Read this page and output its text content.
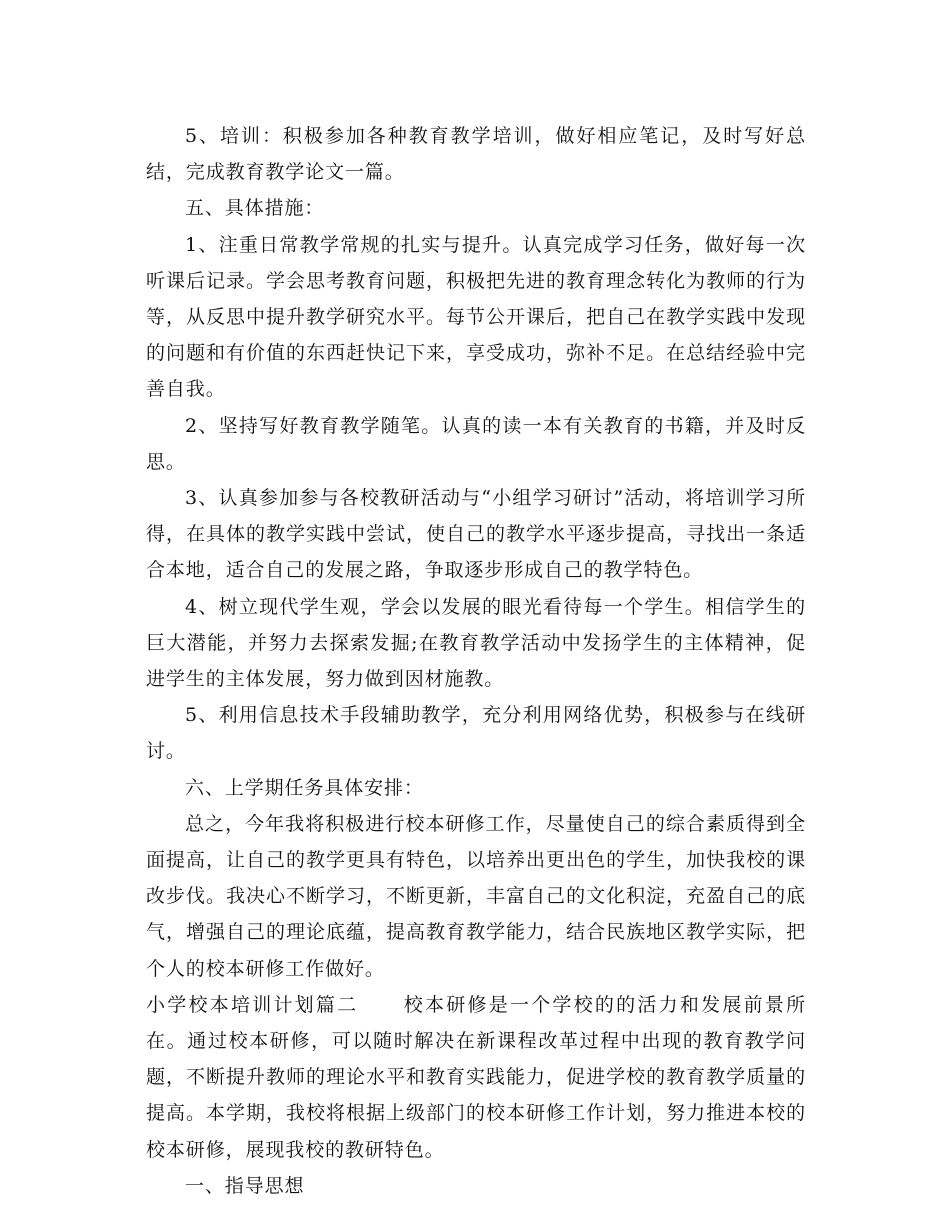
5、培训：积极参加各种教育教学培训，做好相应笔记，及时写好总结，完成教育教学论文一篇。

五、具体措施：

1、注重日常教学常规的扎实与提升。认真完成学习任务，做好每一次听课后记录。学会思考教育问题，积极把先进的教育理念转化为教师的行为等，从反思中提升教学研究水平。每节公开课后，把自己在教学实践中发现的问题和有价值的东西赶快记下来，享受成功，弥补不足。在总结经验中完善自我。

2、坚持写好教育教学随笔。认真的读一本有关教育的书籍，并及时反思。

3、认真参加参与各校教研活动与“小组学习研讨”活动，将培训学习所得，在具体的教学实践中尝试，使自己的教学水平逐步提高，寻找出一条适合本地，适合自己的发展之路，争取逐步形成自己的教学特色。

4、树立现代学生观，学会以发展的眼光看待每一个学生。相信学生的巨大潜能，并努力去探索发掘;在教育教学活动中发扬学生的主体精神，促进学生的主体发展，努力做到因材施教。

5、利用信息技术手段辅助教学，充分利用网络优势，积极参与在线研讨。

六、上学期任务具体安排：

总之，今年我将积极进行校本研修工作，尽量使自己的综合素质得到全面提高，让自己的教学更具有特色，以培养出更出色的学生，加快我校的课改步伐。我决心不断学习，不断更新，丰富自己的文化积淀，充盈自己的底气，增强自己的理论底蕴，提高教育教学能力，结合民族地区教学实际，把个人的校本研修工作做好。

小学校本培训计划篇二 校本研修是一个学校的的活力和发展前景所在。通过校本研修，可以随时解决在新课程改革过程中出现的教育教学问题，不断提升教师的理论水平和教育实践能力，促进学校的教育教学质量的提高。本学期，我校将根据上级部门的校本研修工作计划，努力推进本校的校本研修，展现我校的教研特色。

一、指导思想
